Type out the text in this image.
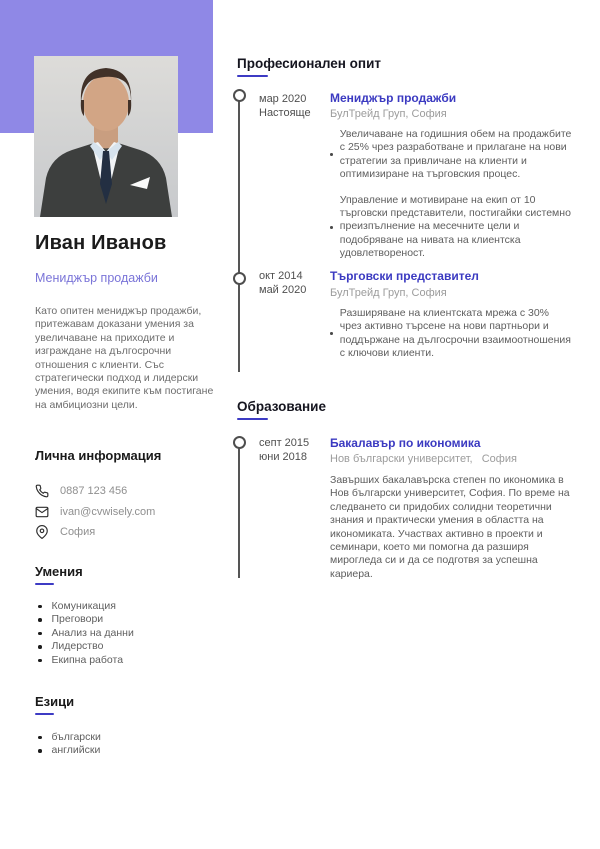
Иван Иванов
Мениджър продажби
Като опитен мениджър продажби, притежавам доказани умения за увеличаване на приходите и изграждане на дългосрочни отношения с клиенти. Със стратегически подход и лидерски умения, водя екипите към постигане на амбициозни цели.
Лична информация
0887 123 456
ivan@cvwisely.com
София
Умения
Комуникация
Преговори
Анализ на данни
Лидерство
Екипна работа
Езици
български
английски
Професионален опит
мар 2020
Настояще
Мениджър продажби
БулТрейд Груп, София

Увеличаване на годишния обем на продажбите с 25% чрез разработване и прилагане на нови стратегии за привличане на клиенти и оптимизиране на търговския процес.

Управление и мотивиране на екип от 10 търговски представители, постигайки системно преизпълнение на месечните цели и подобряване на нивата на клиентска удовлетвореност.

окт 2014
май 2020
Търговски представител
БулТрейд Груп, София

Разширяване на клиентската мрежа с 30% чрез активно търсене на нови партньори и поддържане на дългосрочни взаимоотношения с ключови клиенти.

Образование
септ 2015
юни 2018
Бакалавър по икономика
Нов български университет,   София
Завърших бакалавърска степен по икономика в Нов български университет, София. По време на следването си придобих солидни теоретични знания и практически умения в областта на икономиката. Участвах активно в проекти и семинари, което ми помогна да разширя мирогледа си и да се подготвя за успешна кариера.
